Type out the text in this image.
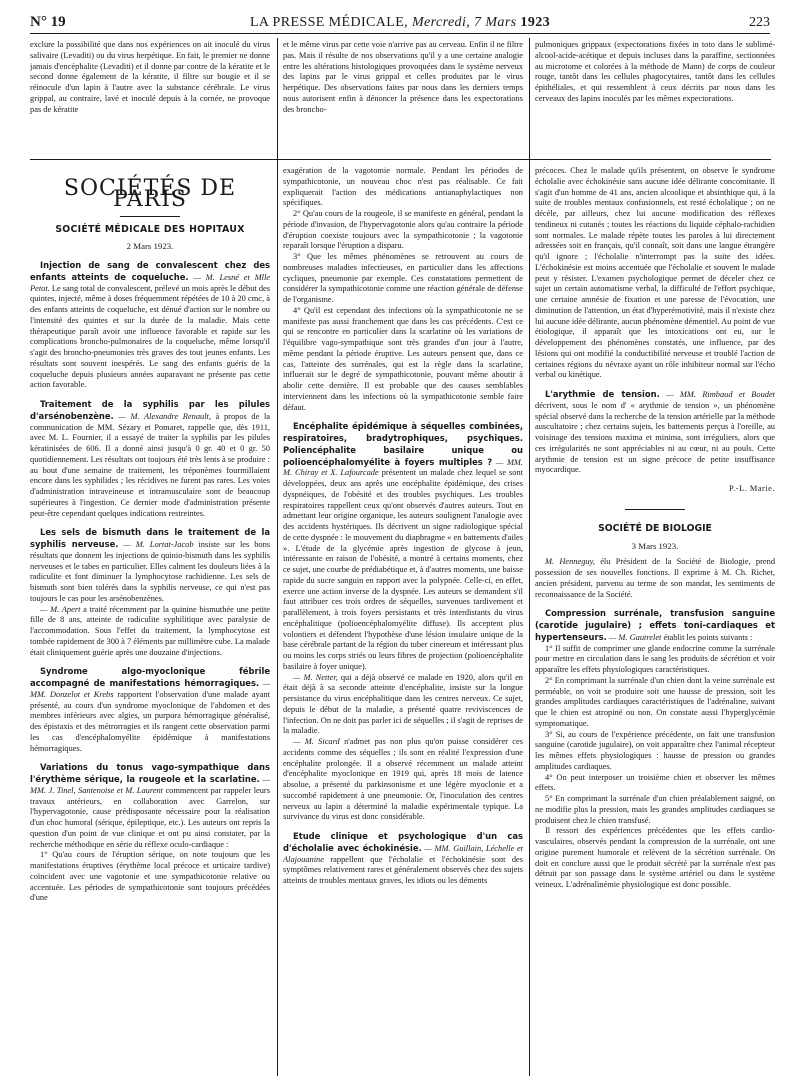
N° 19	LA PRESSE MÉDICALE, Mercredi, 7 Mars 1923	223

exclure la possibilité que dans nos expériences on ait inoculé du virus salivaire (Levaditi) ou du virus herpétique. En fait, le premier ne donne jamais d'encéphalite (Levaditi) et il donne par contre de la kératite et le second donne également de la kératite, il filtre sur bougie et il se réinocule d'un lapin à l'autre avec la substance cérébrale. Le virus grippal, au contraire, lavé et inoculé depuis à la cornée, ne provoque pas de kératite

et le même virus par cette voie n'arrive pas au cerveau. Enfin il ne filtre pas. Mais il résulte de nos observations qu'il y a une certaine analogie entre les altérations histologiques provoquées dans le système nerveux des lapins par le virus grippal et celles produites par le virus herpétique. Des observations faites par nous dans les derniers temps nous autorisent enfin à dénoncer la présence dans les expectorations des broncho-

pulmoniques grippaux (expectorations fixées in toto dans le sublimé-alcool-acide-acétique et depuis incluses dans la paraffine, sectionnées au microtome et colorées à la méthode de Mann) de corps de couleur rouge, tantôt dans les cellules phagocytaires, tantôt dans les cellules épithéliales, et qui ressemblent à ceux décrits par nous dans les cerveaux des lapins inoculés par les mêmes expectorations.

SOCIÉTÉS DE PARIS
SOCIÉTÉ MÉDICALE DES HOPITAUX
2 Mars 1923.

Injection de sang de convalescent chez des enfants atteints de coqueluche. — M. Lesné et Mlle Petot. Le sang total de convalescent, prélevé un mois après le début des quintes, injecté, même à doses fréquemment répétées de 10 à 20 cmc, à des enfants atteints de coqueluche, est dénué d'action sur le nombre ou l'intensité des quintes et sur la durée de la maladie. Mais cette thérapeutique paraît avoir une influence favorable et rapide sur les complications broncho-pulmonaires de la coqueluche, même lorsqu'il s'agit des broncho-pneumonies très graves des tout jeunes enfants. Les résultats sont souvent inespérés. Le sang des enfants guéris de la coqueluche depuis plusieurs années auparavant ne présente pas cette action favorable.

Traitement de la syphilis par les pilules d'arsénobenzène. — M. Alexandre Renault, à propos de la communication de MM. Sézary et Pomaret, rappelle que, dès 1911, avec M. L. Fournier, il a essayé de traiter la syphilis par les pilules kératinisées de 606. Il a donné ainsi jusqu'à 0 gr. 40 et 0 gr. 50 quotidiennement. Les résultats ont toujours été très lents à se produire : au bout d'une semaine de traitement, les tréponèmes fourmillaient encore dans les syphilides ; les récidives ne furent pas rares. Les voies d'administration intraveineuse et intramusculaire sont de beaucoup supérieures à l'ingestion. Ce dernier mode d'administration présente peut-être cependant quelques indications restreintes.

Les sels de bismuth dans le traitement de la syphilis nerveuse. — M. Lortat-Jacob insiste sur les bons résultats que donnent les injections de quinio-bismuth dans les syphilis nerveuses et le tabes en particulier. Elles calment les douleurs liées à la radiculite et font diminuer la lymphocytose rachidienne. Les sels de bismuth sont bien tolérés dans la syphilis nerveuse, ce qui n'est pas toujours le cas pour les arsénobenzènes.

— M. Apert a traité récemment par la quinine bismuthée une petite fille de 8 ans, atteinte de radiculite syphilitique avec paralysie de l'accommodation. Sous l'effet du traitement, la lymphocytose est tombée rapidement de 300 à 7 éléments par millimètre cube. La malade était cliniquement guérie après une douzaine d'injections.

Syndrome algo-myoclonique fébrile accompagné de manifestations hémorragiques. — MM. Donzelot et Krebs rapportent l'observation d'une malade ayant présenté, au cours d'un syndrome myoclonique de l'abdomen et des membres inférieurs avec algies, un purpura hémorragique généralisé, des épistaxis et des métrorragies et ils rangent cette observation parmi les cas d'encéphalomyélite épidémique à manifestations hémorragiques.

Variations du tonus vago-sympathique dans l'érythème sérique, la rougeole et la scarlatine. — MM. J. Tinel, Santenoise et M. Laurent commencent par rappeler leurs travaux antérieurs, en collaboration avec Garrelon, sur l'hypervagotonie, cause prédisposante nécessaire pour la réalisation d'un choc humoral (sérique, épileptique, etc.). Les auteurs ont repris la question d'un point de vue clinique et ont pu ainsi constater, par la recherche méthodique en série du réflexe oculo-cardiaque :

1° Qu'au cours de l'éruption sérique, on note toujours que les manifestations éruptives (érythème local précoce et urticaire tardive) coïncident avec une vagotonie et une sympathicotonie relative ou accentuée. Les périodes de sympathicotonie sont toujours précédées d'une

exagération de la vagotomie normale. Pendant les périodes de sympathicotonie, un nouveau choc n'est pas réalisable. Ce fait expliquerait l'action des médications antianaphylactiques non spécifiques.

2° Qu'au cours de la rougeole, il se manifeste en général, pendant la période d'invasion, de l'hypervagotonie alors qu'au contraire la période d'éruption coexiste toujours avec la sympathicotonie ; la vagotonie reparaît lorsque l'éruption a disparu.

3° Que les mêmes phénomènes se retrouvent au cours de nombreuses maladies infectieuses, en particulier dans les affections cycliques, pneumonie par exemple. Ces constatations permettent de considérer la sympathicotonie comme une réaction générale de défense de l'organisme.

4° Qu'il est cependant des infections où la sympathicotonie ne se manifeste pas aussi franchement que dans les cas précédents. C'est ce qui se rencontre en particulier dans la scarlatine où les variations de l'équilibre vago-sympathique sont très grandes d'un jour à l'autre, même pendant la période éruptive. Les auteurs pensent que, dans ce cas, l'atteinte des surrénales, qui est la règle dans la scarlatine, influerait sur le degré de sympathicotonie, pouvant même aboutir à abolir cette dernière. Il est probable que des causes semblables interviennent dans les infections où la sympathicotonie semble faire défaut.

Encéphalite épidémique à séquelles combinées, respiratoires, bradytrophiques, psychiques. Poliencéphalite basilaire unique ou polioencéphalomyélite à foyers multiples ? — MM. M. Chiray et X. Lafourcade présentent un malade chez lequel se sont développées, deux ans après une encéphalite épidémique, des crises dyspnéiques, de l'obésité et des troubles psychiques. Les troubles respiratoires rappellent ceux qu'ont observés d'autres auteurs. Tout en admettant leur origine organique, les auteurs soulignent l'analogie avec des accidents hystériques. Ils décrivent un signe radiologique spécial de cette dyspnée : le mouvement du diaphragme « en battements d'ailes ». L'étude de la glycémie après ingestion de glycose à jeun, intéressante en raison de l'obésité, a montré à certains moments, chez ce sujet, une courbe de prédiabétique et, à d'autres moments, une baisse rapide du sucre sanguin en rapport avec la polypnée. Celle-ci, en effet, exerce une action inverse de la dyspnée. Les auteurs se demandent s'il faut attribuer ces trois ordres de séquelles, survenues tardivement et parallèlement, à trois foyers persistants et très interdistants du virus encéphalitique (polioencéphalomyélite diffuse). Ils acceptent plus volontiers et défendent l'hypothèse d'une lésion insulaire unique de la base cérébrale partant de la région du tuber cinereum et intéressant plus ou moins les corps striés ou leurs fibres de projection (polioencéphalite basilaire à foyer unique).

— M. Netter, qui a déjà observé ce malade en 1920, alors qu'il en était déjà à sa seconde atteinte d'encéphalite, insiste sur la longue persistance du virus encéphalitique dans les centres nerveux. Ce sujet, depuis le début de la maladie, a présenté quatre reviviscences de l'infection. On ne doit pas parler ici de séquelles ; il s'agit de reprises de la maladie.

— M. Sicard n'admet pas non plus qu'on puisse considérer ces accidents comme des séquelles ; ils sont en réalité l'expression d'une encéphalite prolongée. Il a observé récemment un malade atteint d'encéphalite myoclonique en 1919 qui, après 18 mois de latence absolue, a présenté du parkinsonisme et une légère myoclonie et a succombé rapidement à une pneumonie. Or, l'inoculation des centres nerveux au lapin a déterminé la maladie expérimentale typique. La survivance du virus est donc considérable.

Etude clinique et psychologique d'un cas d'écholalie avec échokinésie. — MM. Guillain, Léchelle et Alajouanine rappellent que l'écholalie et l'échokinésie sont des symptômes relativement rares et généralement observés chez des sujets atteints de troubles mentaux graves, les idiots ou les déments

précoces. Chez le malade qu'ils présentent, on observe le syndrome écholalie avec échokinésie sans aucune idée délirante concomitante. Il s'agit d'un homme de 41 ans, ancien alcoolique et absinthique qui, à la suite de troubles mentaux confusionnels, est resté écholalique ; on ne décèle, par ailleurs, chez lui aucune modification des réflexes tendineux ni cutanés ; toutes les réactions du liquide céphalo-rachidien sont normales. Le malade répète toutes les paroles à lui directement adressées soit en français, qu'il connaît, soit dans une langue étrangère qu'il ignore ; l'écholalie n'interrompt pas la suite des idées. L'échokinésie est moins accentuée que l'écholalie et souvent le malade peut y résister. L'examen psychologique permet de déceler chez ce sujet un certain automatisme verbal, la difficulté de l'effort psychique, une certaine amnésie de fixation et une paresse de l'évocation, une diminution de l'attention, un état d'hyperémotivité, mais il n'existe chez lui aucune idée délirante, aucun phénomène démentiel. Au point de vue étiologique, il apparaît que les intoxications ont eu, sur le développement des phénomènes constatés, une influence, par des lésions qui ont modifié la conductibilité nerveuse et troublé l'action de certaines régions du névraxe ayant un rôle inhibiteur normal sur l'écho verbal ou kinétique.

L'arythmie de tension. — MM. Rimbaud et Boudet décrivent, sous le nom d' « arythmie de tension », un phénomène spécial observé dans la recherche de la tension artérielle par la méthode auscultatoire ; chez certains sujets, les battements perçus à l'oreille, au voisinage des tensions maxima et minima, sont irréguliers, alors que ces irrégularités ne sont appréciables ni au cœur, ni au pouls. Cette arythmie de tension est un signe précoce de petite insuffisance myocardique.

P.-L. Marie.
SOCIÉTÉ DE BIOLOGIE
3 Mars 1923.

M. Henneguy, élu Président de la Société de Biologie, prend possession de ses nouvelles fonctions. Il exprime à M. Ch. Richet, ancien président, parvenu au terme de son mandat, les sentiments de reconnaissance de la Société.

Compression surrénale, transfusion sanguine (carotide jugulaire) ; effets toni-cardiaques et hypertenseurs. — M. Gautrelet établit les points suivants :

1° Il suffit de comprimer une glande endocrine comme la surrénale pour mettre en circulation dans le sang les produits de sécrétion et voir apparaître les effets physiologiques caractéristiques.

2° En comprimant la surrénale d'un chien dont la veine surrénale est perméable, on voit se produire soit une hausse de pression, soit les grandes amplitudes cardiaques caractéristiques de l'adrénaline, suivant que le chien est atropiné ou non. On constate aussi l'hyperglycémie symptomatique.

3° Si, au cours de l'expérience précédente, on fait une transfusion sanguine (carotide jugulaire), on voit apparaître chez l'animal récepteur les mêmes effets physiologiques : hausse de pression ou grandes amplitudes cardiaques.

4° On peut interposer un troisième chien et observer les mêmes effets.

5° En comprimant la surrénale d'un chien préalablement saigné, on ne modifie plus la pression, mais les grandes amplitudes cardiaques se produisent chez le chien transfusé.

Il ressort des expériences précédentes que les effets cardio-vasculaires, observés pendant la compression de la surrénale, ont une origine purement humorale et relèvent de la sécrétion surrénale. On doit en conclure aussi que le produit sécrété par la surrénale n'est pas détruit par son passage dans le système artériel ou dans le système veineux. L'adrénalinémie physiologique est donc possible.
